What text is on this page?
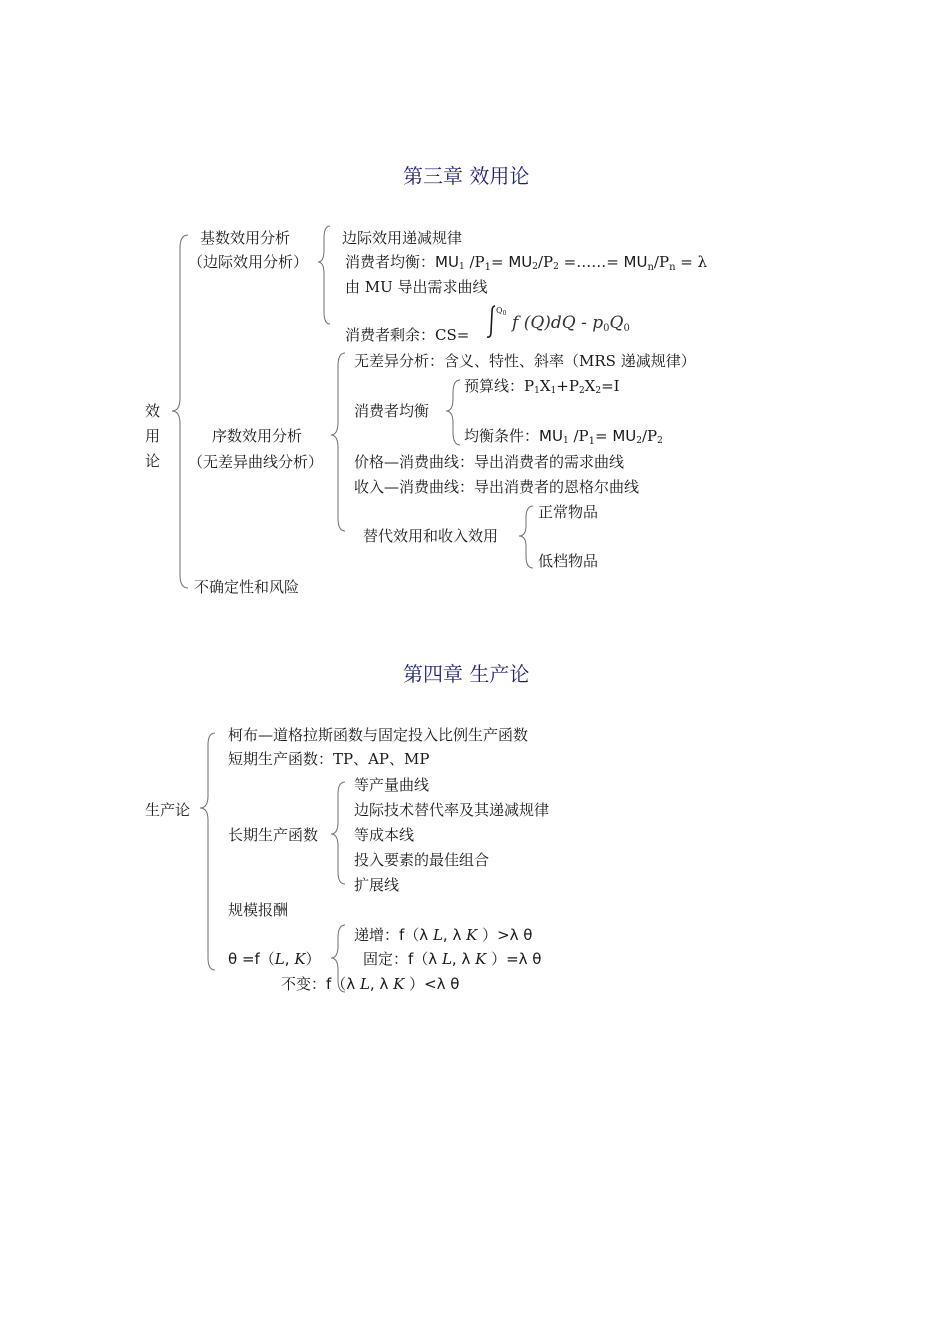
第三章 效用论
效
用
论
基数效用分析
（边际效用分析）
边际效用递减规律
消费者均衡：$MU_1$ $/P_1= MU_2/P_2$ =……= $MU_n/P_n = \lambda$
由 MU 导出需求曲线
消费者剩余：CS=
$Q_0$ f (Q)dQ - p0Q0
序数效用分析
（无差异曲线分析）
无差异分析：含义、特性、斜率（MRS 递减规律）
消费者均衡
预算线：$P_1X_1+P_2X_2=I$
均衡条件：$MU_1$ $/P_1= MU_2/P_2$
价格—消费曲线：导出消费者的需求曲线
收入—消费曲线：导出消费者的恩格尔曲线
替代效用和收入效用
正常物品
低档物品
不确定性和风险
第四章 生产论
生产论
柯布—道格拉斯函数与固定投入比例生产函数
短期生产函数：TP、AP、MP
长期生产函数
等产量曲线
边际技术替代率及其递减规律
等成本线
投入要素的最佳组合
扩展线
规模报酬
θ =f（L, K）
递增：f（λ L, λ K ）>λ θ
固定：f（λ L, λ K ）=λ θ
不变：f（λ L, λ K ）<λ θ
